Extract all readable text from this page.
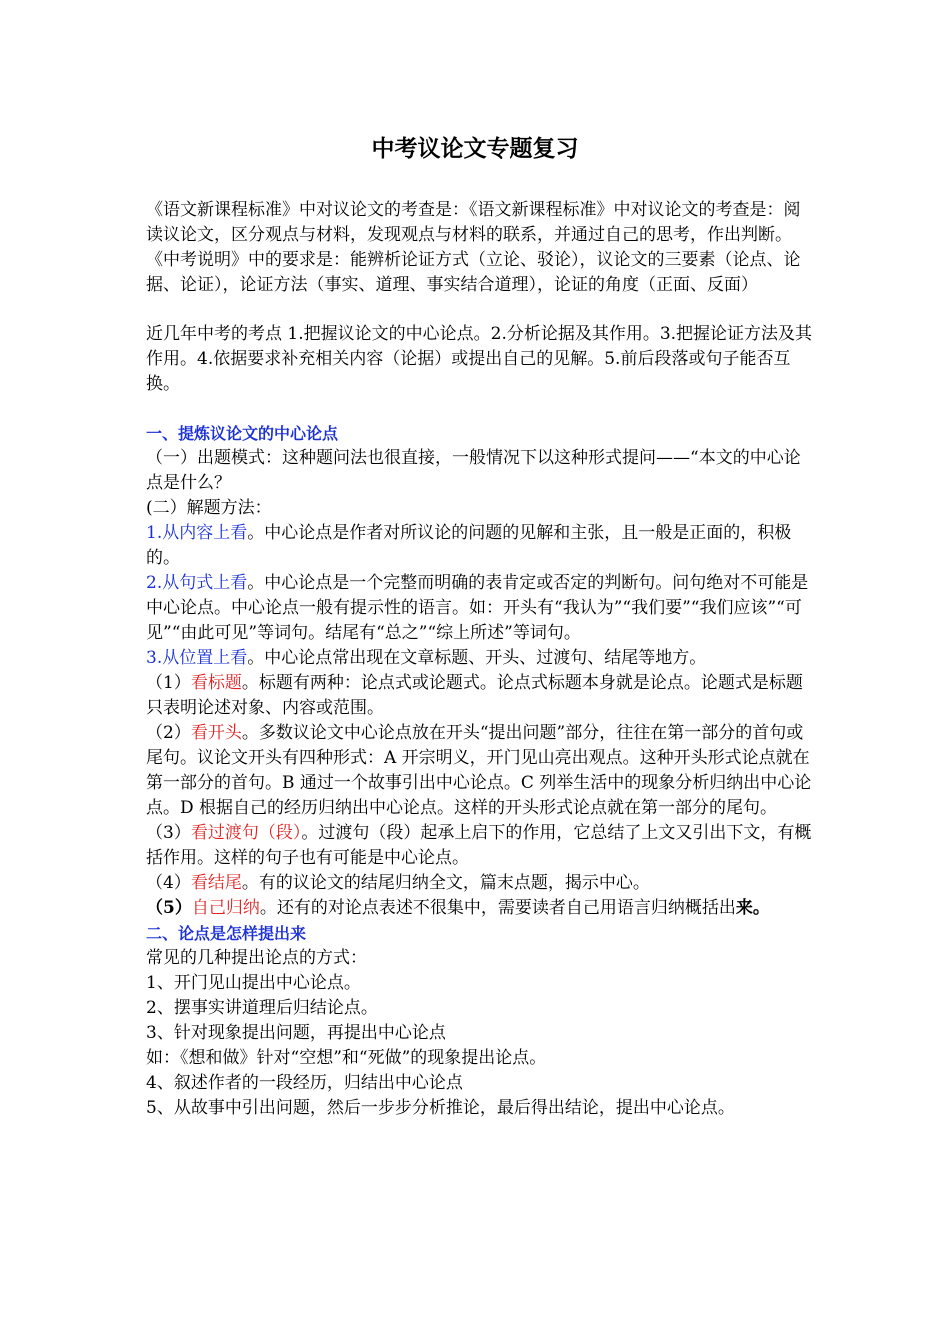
中考议论文专题复习

《语文新课程标准》中对议论文的考查是：《语文新课程标准》中对议论文的考查是：阅读议论文，区分观点与材料，发现观点与材料的联系，并通过自己的思考，作出判断。

《中考说明》中的要求是：能辨析论证方式（立论、驳论），议论文的三要素（论点、论据、论证），论证方法（事实、道理、事实结合道理），论证的角度（正面、反面）

近几年中考的考点 1.把握议论文的中心论点。2.分析论据及其作用。3.把握论证方法及其作用。4.依据要求补充相关内容（论据）或提出自己的见解。5.前后段落或句子能否互换。

一、提炼议论文的中心论点

（一）出题模式：这种题问法也很直接，一般情况下以这种形式提问——“本文的中心论点是什么？

(二）解题方法：

1.从内容上看。中心论点是作者对所议论的问题的见解和主张，且一般是正面的，积极的。

2.从句式上看。中心论点是一个完整而明确的表肯定或否定的判断句。问句绝对不可能是中心论点。中心论点一般有提示性的语言。如：开头有“我认为”“我们要”“我们应该”“可见”“由此可见”等词句。结尾有“总之”“综上所述”等词句。

3.从位置上看。中心论点常出现在文章标题、开头、过渡句、结尾等地方。

（1）看标题。标题有两种：论点式或论题式。论点式标题本身就是论点。论题式是标题只表明论述对象、内容或范围。

（2）看开头。多数议论文中心论点放在开头“提出问题”部分，往往在第一部分的首句或尾句。议论文开头有四种形式：A 开宗明义，开门见山亮出观点。这种开头形式论点就在第一部分的首句。B 通过一个故事引出中心论点。C 列举生活中的现象分析归纳出中心论点。D 根据自己的经历归纳出中心论点。这样的开头形式论点就在第一部分的尾句。

（3）看过渡句（段）。过渡句（段）起承上启下的作用，它总结了上文又引出下文，有概括作用。这样的句子也有可能是中心论点。

（4）看结尾。有的议论文的结尾归纳全文，篇末点题，揭示中心。

（5）自己归纳。还有的对论点表述不很集中，需要读者自己用语言归纳概括出来。

二、论点是怎样提出来

常见的几种提出论点的方式：

1、开门见山提出中心论点。

2、摆事实讲道理后归结论点。

3、针对现象提出问题，再提出中心论点

如：《想和做》针对“空想”和“死做”的现象提出论点。

4、叙述作者的一段经历，归结出中心论点

5、从故事中引出问题，然后一步步分析推论，最后得出结论，提出中心论点。
